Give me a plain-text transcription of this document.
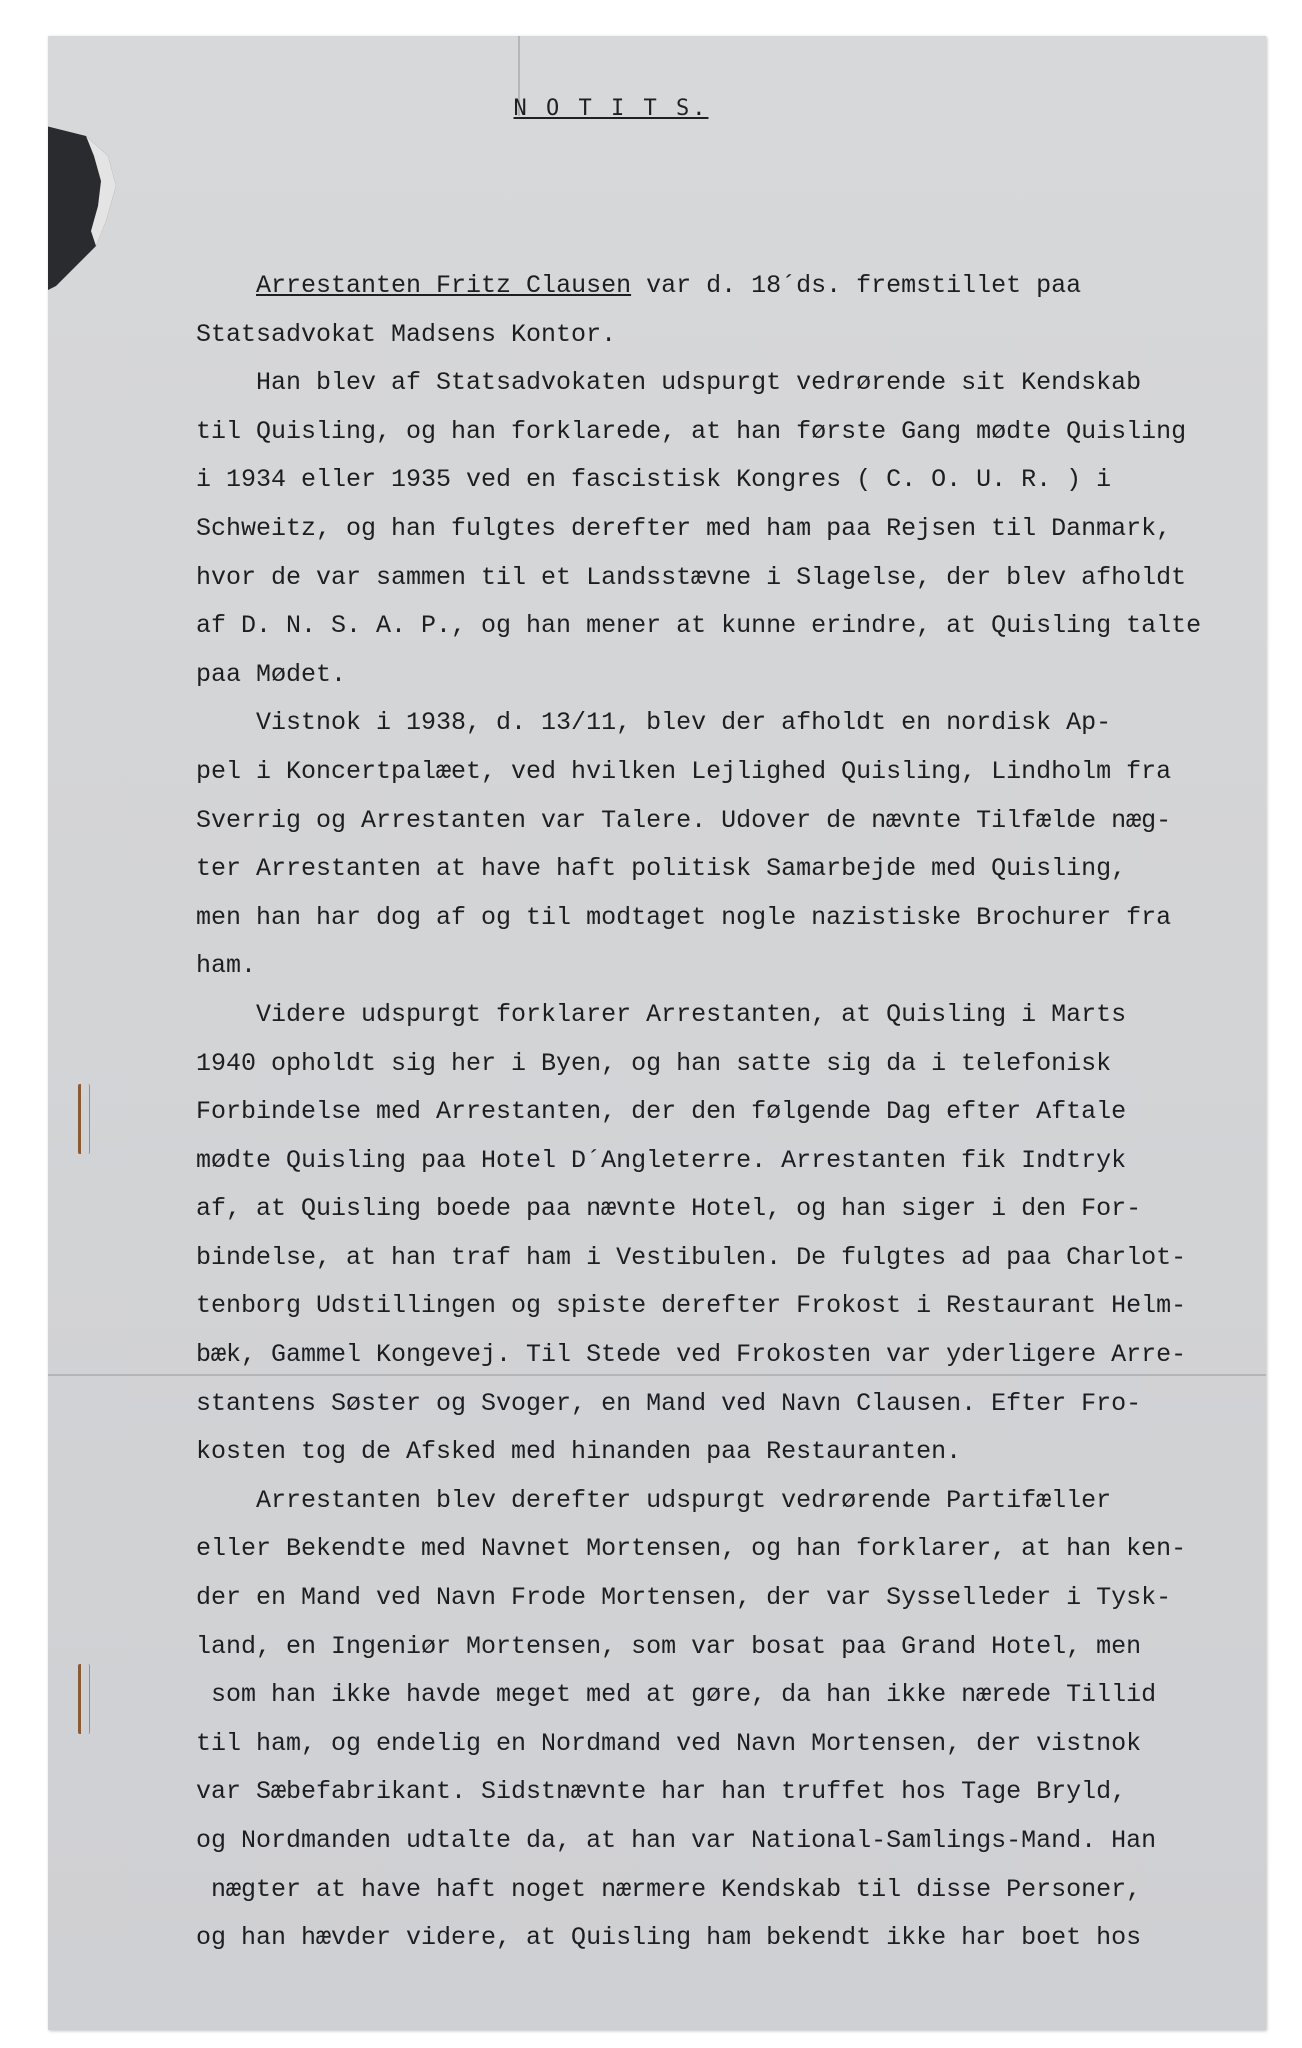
N O T I T S.
Arrestanten Fritz Clausen var d. 18´ds. fremstillet paa
Statsadvokat Madsens Kontor.
Han blev af Statsadvokaten udspurgt vedrørende sit Kendskab
til Quisling, og han forklarede, at han første Gang mødte Quisling
i 1934 eller 1935 ved en fascistisk Kongres ( C. O. U. R. ) i
Schweitz, og han fulgtes derefter med ham paa Rejsen til Danmark,
hvor de var sammen til et Landsstævne i Slagelse, der blev afholdt
af D. N. S. A. P., og han mener at kunne erindre, at Quisling talte
paa Mødet.
Vistnok i 1938, d. 13/11, blev der afholdt en nordisk Ap-
pel i Koncertpalæet, ved hvilken Lejlighed Quisling, Lindholm fra
Sverrig og Arrestanten var Talere. Udover de nævnte Tilfælde næg-
ter Arrestanten at have haft politisk Samarbejde med Quisling,
men han har dog af og til modtaget nogle nazistiske Brochurer fra
ham.
Videre udspurgt forklarer Arrestanten, at Quisling i Marts
1940 opholdt sig her i Byen, og han satte sig da i telefonisk
Forbindelse med Arrestanten, der den følgende Dag efter Aftale
mødte Quisling paa Hotel D´Angleterre. Arrestanten fik Indtryk
af, at Quisling boede paa nævnte Hotel, og han siger i den For-
bindelse, at han traf ham i Vestibulen. De fulgtes ad paa Charlot-
tenborg Udstillingen og spiste derefter Frokost i Restaurant Helm-
bæk, Gammel Kongevej. Til Stede ved Frokosten var yderligere Arre-
stantens Søster og Svoger, en Mand ved Navn Clausen. Efter Fro-
kosten tog de Afsked med hinanden paa Restauranten.
Arrestanten blev derefter udspurgt vedrørende Partifæller
eller Bekendte med Navnet Mortensen, og han forklarer, at han ken-
der en Mand ved Navn Frode Mortensen, der var Sysselleder i Tysk-
land, en Ingeniør Mortensen, som var bosat paa Grand Hotel, men
som han ikke havde meget med at gøre, da han ikke nærede Tillid
til ham, og endelig en Nordmand ved Navn Mortensen, der vistnok
var Sæbefabrikant. Sidstnævnte har han truffet hos Tage Bryld,
og Nordmanden udtalte da, at han var National-Samlings-Mand. Han
nægter at have haft noget nærmere Kendskab til disse Personer,
og han hævder videre, at Quisling ham bekendt ikke har boet hos
